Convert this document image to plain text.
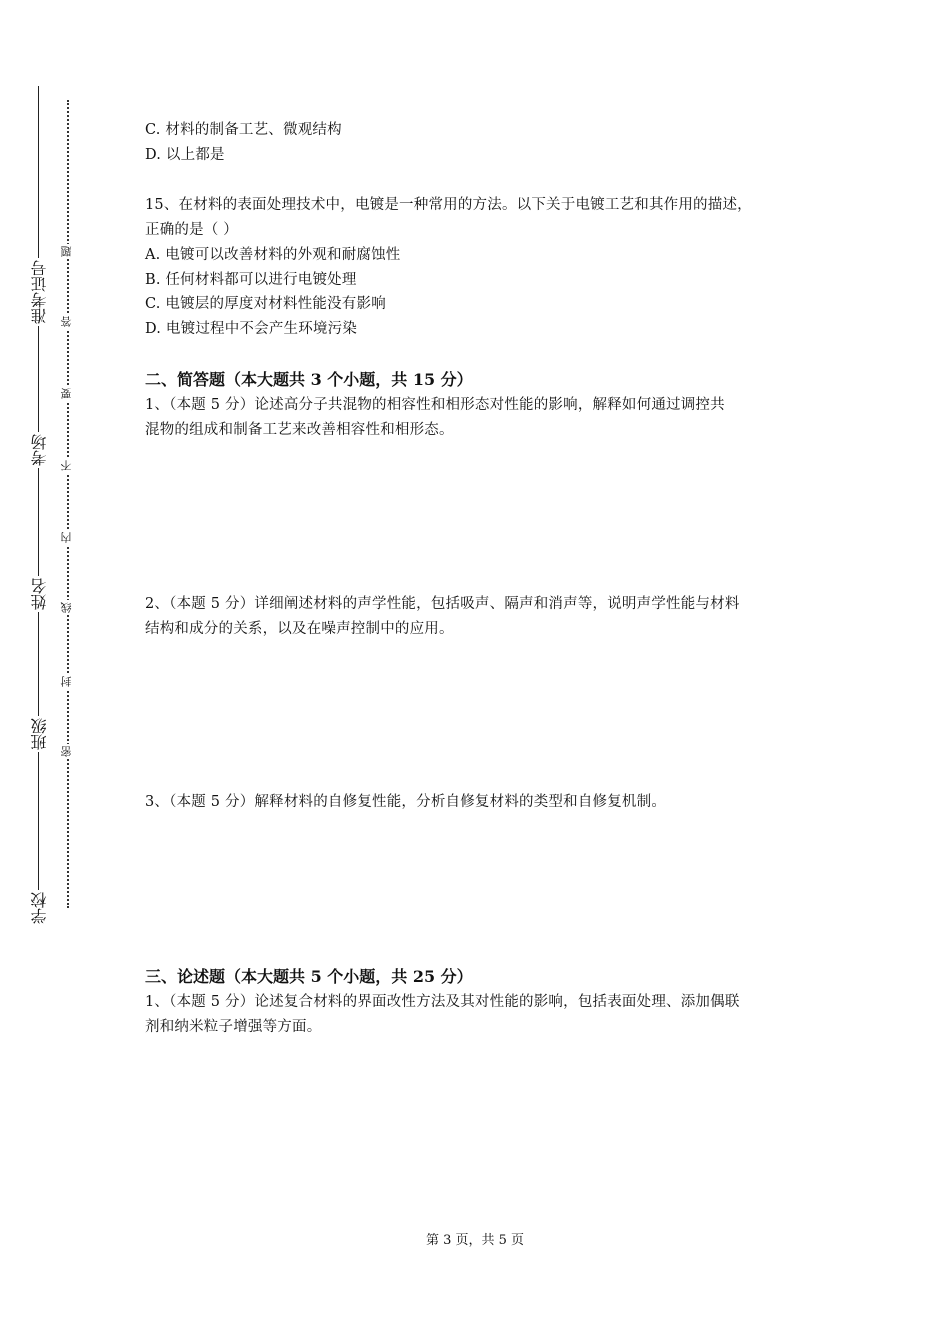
准考证号
考场
姓名
班级
学校
题
答
要
不
内
线
封
密
C. 材料的制备工艺、微观结构
D. 以上都是
15、在材料的表面处理技术中，电镀是一种常用的方法。以下关于电镀工艺和其作用的描述，
正确的是（ ）
A. 电镀可以改善材料的外观和耐腐蚀性
B. 任何材料都可以进行电镀处理
C. 电镀层的厚度对材料性能没有影响
D. 电镀过程中不会产生环境污染
二、简答题（本大题共 3 个小题，共 15 分）
1、（本题 5 分）论述高分子共混物的相容性和相形态对性能的影响，解释如何通过调控共
混物的组成和制备工艺来改善相容性和相形态。
2、（本题 5 分）详细阐述材料的声学性能，包括吸声、隔声和消声等，说明声学性能与材料
结构和成分的关系，以及在噪声控制中的应用。
3、（本题 5 分）解释材料的自修复性能，分析自修复材料的类型和自修复机制。
三、论述题（本大题共 5 个小题，共 25 分）
1、（本题 5 分）论述复合材料的界面改性方法及其对性能的影响，包括表面处理、添加偶联
剂和纳米粒子增强等方面。
第 3 页，共 5 页
